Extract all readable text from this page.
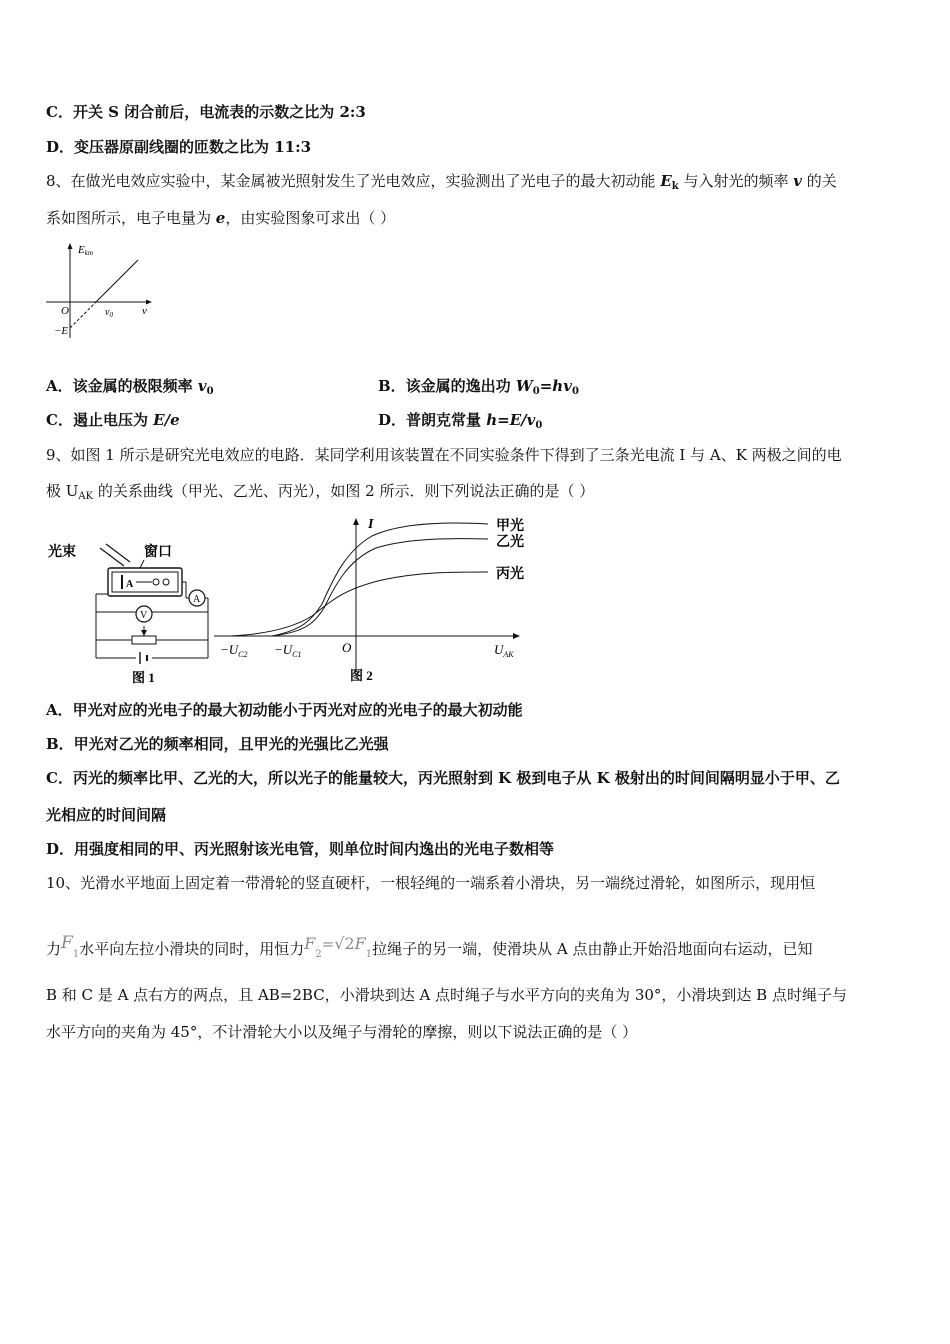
C．开关 S 闭合前后，电流表的示数之比为 2:3
D．变压器原副线圈的匝数之比为 11:3
8、在做光电效应实验中，某金属被光照射发生了光电效应，实验测出了光电子的最大初动能 $E_k$ 与入射光的频率 v 的关
系如图所示，电子电量为 e，由实验图象可求出（ ）
Ekm
O	$v_0$	v
−E
A．该金属的极限频率 $v_0$	B．该金属的逸出功 $W_0=hv_0$
C．遏止电压为 E/e	D．普朗克常量 $h=E/v_0$
9、如图 1 所示是研究光电效应的电路．某同学利用该装置在不同实验条件下得到了三条光电流 I 与 A、K 两极之间的电
极 $U_{AK}$ 的关系曲线（甲光、乙光、丙光），如图 2 所示．则下列说法正确的是（ ）
光束	窗口
A
A
V
图 1
I	甲光
乙光
丙光
O
$-U_{C2} -U_{C1}$	$U_{AK}$
图 2
A．甲光对应的光电子的最大初动能小于丙光对应的光电子的最大初动能
B．甲光对乙光的频率相同，且甲光的光强比乙光强
C．丙光的频率比甲、乙光的大，所以光子的能量较大，丙光照射到 K 极到电子从 K 极射出的时间间隔明显小于甲、乙
光相应的时间间隔
D．用强度相同的甲、丙光照射该光电管，则单位时间内逸出的光电子数相等
10、光滑水平地面上固定着一带滑轮的竖直硬杆，一根轻绳的一端系着小滑块，另一端绕过滑轮，如图所示，现用恒
力$F_1$水平向左拉小滑块的同时，用恒力$F_2=√2F_1$拉绳子的另一端，使滑块从 A 点由静止开始沿地面向右运动，已知
B 和 C 是 A 点右方的两点，且 AB=2BC，小滑块到达 A 点时绳子与水平方向的夹角为 30°，小滑块到达 B 点时绳子与
水平方向的夹角为 45°，不计滑轮大小以及绳子与滑轮的摩擦，则以下说法正确的是（ ）
